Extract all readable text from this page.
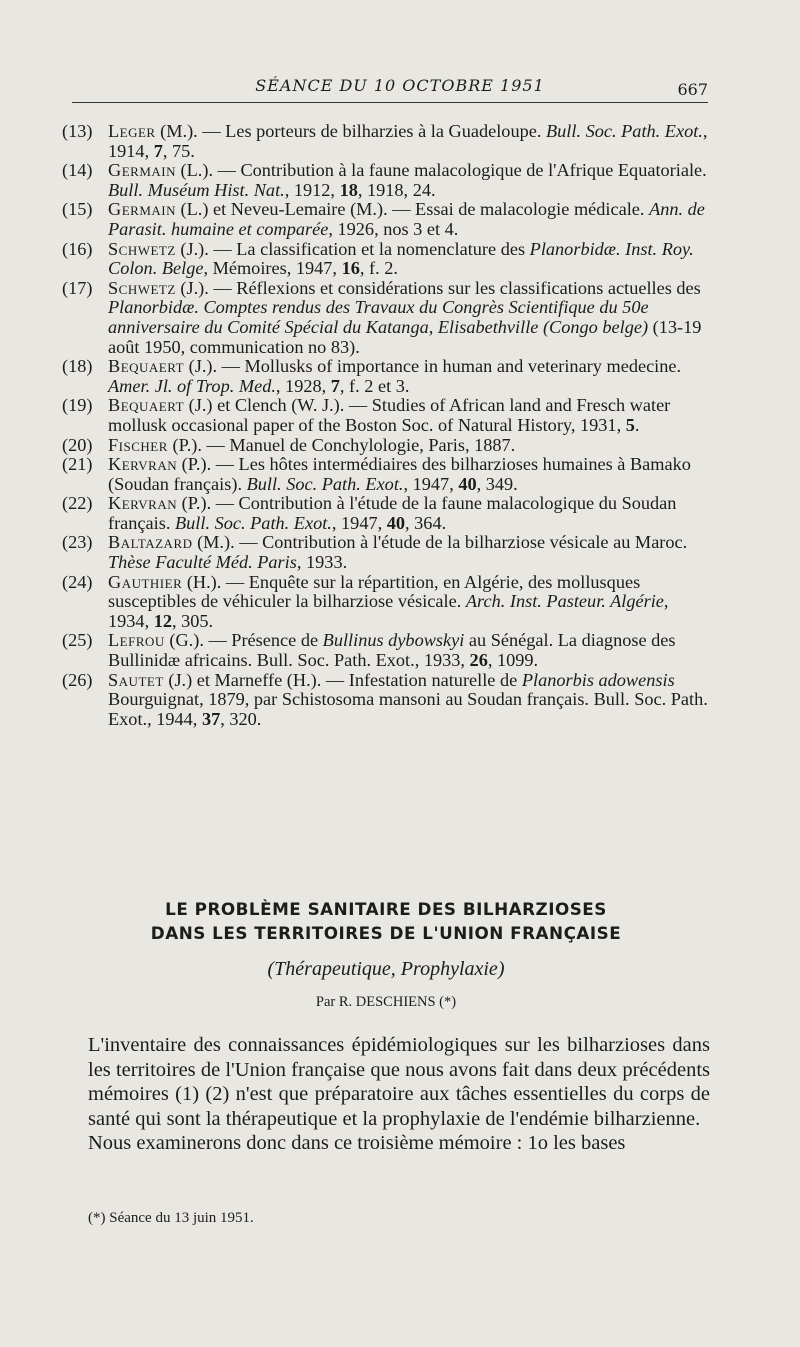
SÉANCE DU 10 OCTOBRE 1951	667
(13) Leger (M.). — Les porteurs de bilharzies à la Guadeloupe. Bull. Soc. Path. Exot., 1914, 7, 75.
(14) Germain (L.). — Contribution à la faune malacologique de l'Afrique Equatoriale. Bull. Muséum Hist. Nat., 1912, 18, 1918, 24.
(15) Germain (L.) et Neveu-Lemaire (M.). — Essai de malacologie médicale. Ann. de Parasit. humaine et comparée, 1926, nos 3 et 4.
(16) Schwetz (J.). — La classification et la nomenclature des Planorbidæ. Inst. Roy. Colon. Belge, Mémoires, 1947, 16, f. 2.
(17) Schwetz (J.). — Réflexions et considérations sur les classifications actuelles des Planorbidæ. Comptes rendus des Travaux du Congrès Scientifique du 50e anniversaire du Comité Spécial du Katanga, Elisabethville (Congo belge) (13-19 août 1950, communication no 83).
(18) Bequaert (J.). — Mollusks of importance in human and veterinary medecine. Amer. Jl. of Trop. Med., 1928, 7, f. 2 et 3.
(19) Bequaert (J.) et Clench (W. J.). — Studies of African land and Fresch water mollusk occasional paper of the Boston Soc. of Natural History, 1931, 5.
(20) Fischer (P.). — Manuel de Conchylologie, Paris, 1887.
(21) Kervran (P.). — Les hôtes intermédiaires des bilharzioses humaines à Bamako (Soudan français). Bull. Soc. Path. Exot., 1947, 40, 349.
(22) Kervran (P.). — Contribution à l'étude de la faune malacologique du Soudan français. Bull. Soc. Path. Exot., 1947, 40, 364.
(23) Baltazard (M.). — Contribution à l'étude de la bilharziose vésicale au Maroc. Thèse Faculté Méd. Paris, 1933.
(24) Gauthier (H.). — Enquête sur la répartition, en Algérie, des mollusques susceptibles de véhiculer la bilharziose vésicale. Arch. Inst. Pasteur. Algérie, 1934, 12, 305.
(25) Lefrou (G.). — Présence de Bullinus dybowskyi au Sénégal. La diagnose des Bullinidæ africains. Bull. Soc. Path. Exot., 1933, 26, 1099.
(26) Sautet (J.) et Marneffe (H.). — Infestation naturelle de Planorbis adowensis Bourguignat, 1879, par Schistosoma mansoni au Soudan français. Bull. Soc. Path. Exot., 1944, 37, 320.
LE PROBLÈME SANITAIRE DES BILHARZIOSES
DANS LES TERRITOIRES DE L'UNION FRANÇAISE
(Thérapeutique, Prophylaxie)
Par R. DESCHIENS (*)

L'inventaire des connaissances épidémiologiques sur les bilharzioses dans les territoires de l'Union française que nous avons fait dans deux précédents mémoires (1) (2) n'est que préparatoire aux tâches essentielles du corps de santé qui sont la thérapeutique et la prophylaxie de l'endémie bilharzienne.

Nous examinerons donc dans ce troisième mémoire : 1o les bases

(*) Séance du 13 juin 1951.
